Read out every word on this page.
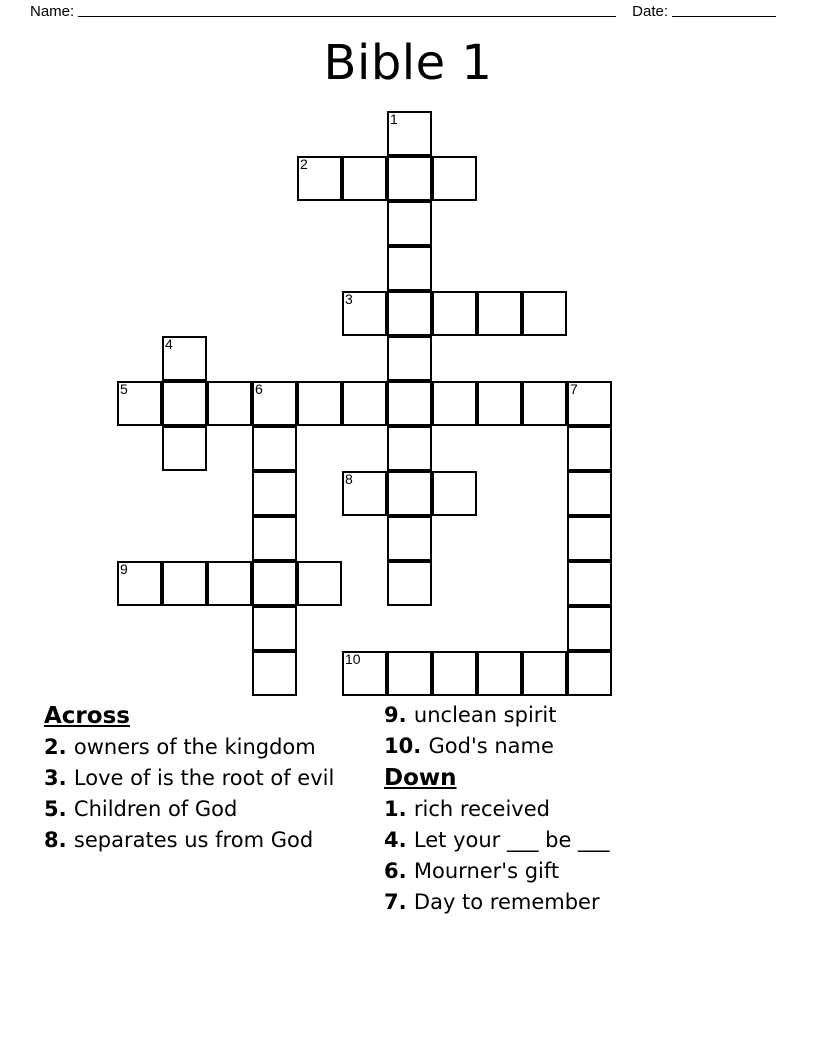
Name:	Date:
Bible 1
1
2
3
4
5	6	7
8
9
10
Across

2. owners of the kingdom

3. Love of is the root of evil

5. Children of God

8. separates us from God

9. unclean spirit

10. God's name

Down

1. rich received

4. Let your ___ be ___

6. Mourner's gift

7. Day to remember
